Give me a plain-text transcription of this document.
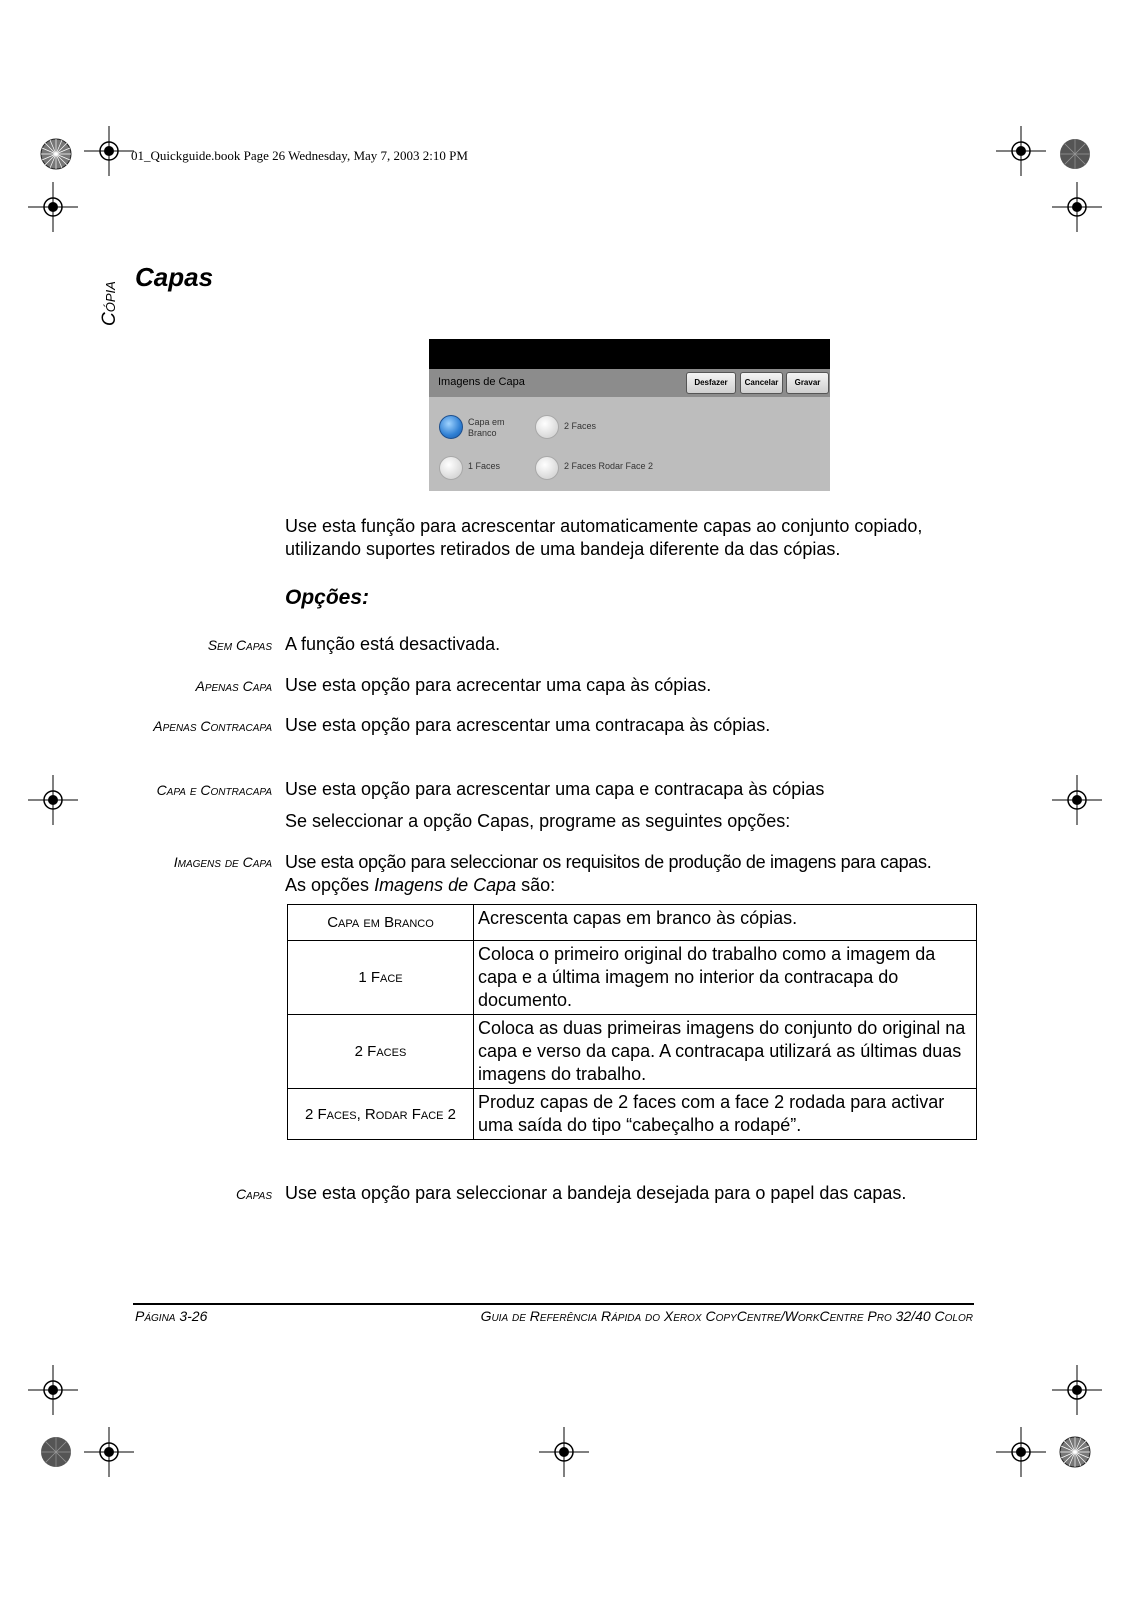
01_Quickguide.book Page 26 Wednesday, May 7, 2003 2:10 PM
Cópia
Capas
Imagens de Capa	Desfazer	Cancelar	Gravar
Capa em Branco
2 Faces
1 Faces	2 Faces Rodar Face 2
Use esta função para acrescentar automaticamente capas ao conjunto copiado, utilizando suportes retirados de uma bandeja diferente da das cópias.
Opções:
Sem Capas A função está desactivada.
Apenas Capa Use esta opção para acrecentar uma capa às cópias.
Apenas Contracapa Use esta opção para acrescentar uma contracapa às cópias.
Capa e Contracapa Use esta opção para acrescentar uma capa e contracapa às cópias
Se seleccionar a opção Capas, programe as seguintes opções:
Imagens de Capa Use esta opção para seleccionar os requisitos de produção de imagens para capas.
As opções Imagens de Capa são:
Capa em Branco	Acrescenta capas em branco às cópias.
1 Face	Coloca o primeiro original do trabalho como a imagem da capa e a última imagem no interior da contracapa do documento.
2 Faces	Coloca as duas primeiras imagens do conjunto do original na capa e verso da capa. A contracapa utilizará as últimas duas imagens do trabalho.
2 Faces, Rodar Face 2	Produz capas de 2 faces com a face 2 rodada para activar uma saída do tipo “cabeçalho a rodapé”.
Capas Use esta opção para seleccionar a bandeja desejada para o papel das capas.
Página 3-26	Guia de Referência Rápida do Xerox CopyCentre/WorkCentre Pro 32/40 Color
